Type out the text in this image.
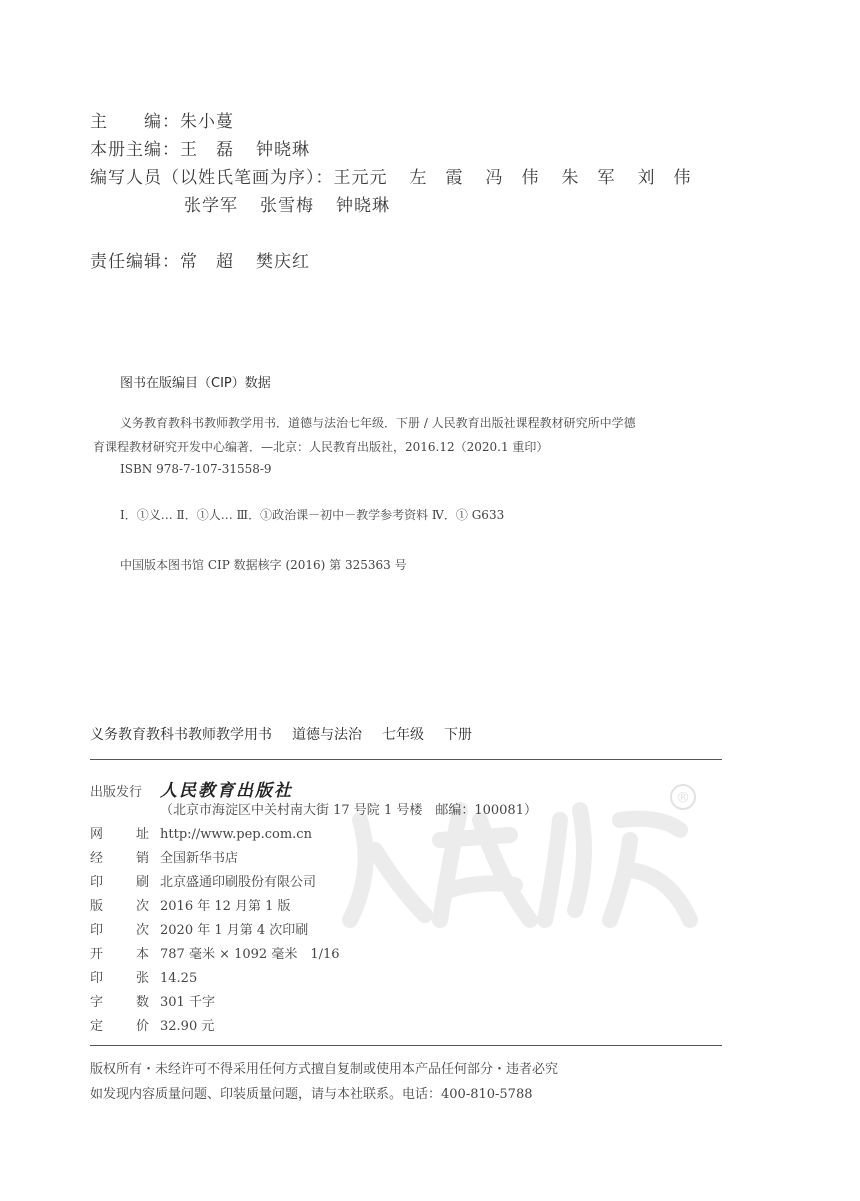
主　　编：朱小蔓
本册主编：王　磊 钟晓琳
编写人员（以姓氏笔画为序）：王元元 左　霞 冯　伟 朱　军 刘　伟
张学军 张雪梅 钟晓琳
责任编辑：常　超 樊庆红
图书在版编目（CIP）数据
义务教育教科书教师教学用书．道德与法治七年级．下册 / 人民教育出版社课程教材研究所中学德
育课程教材研究开发中心编著．—北京：人民教育出版社，2016.12（2020.1 重印）
ISBN 978-7-107-31558-9
Ⅰ．①义… Ⅱ．①人… Ⅲ．①政治课－初中－教学参考资料 Ⅳ．① G633
中国版本图书馆 CIP 数据核字 (2016) 第 325363 号
义务教育教科书教师教学用书 道德与法治 七年级 下册
®
出版发行 人民教育出版社
（北京市海淀区中关村南大街 17 号院 1 号楼　邮编：100081）
网	址 http://www.pep.com.cn
经	销 全国新华书店
印	刷 北京盛通印刷股份有限公司
版	次 2016 年 12 月第 1 版
印	次 2020 年 1 月第 4 次印刷
开	本 787 毫米 × 1092 毫米　1/16
印	张 14.25
字	数 301 千字
定	价 32.90 元
版权所有・未经许可不得采用任何方式擅自复制或使用本产品任何部分・违者必究
如发现内容质量问题、印装质量问题，请与本社联系。电话：400-810-5788
